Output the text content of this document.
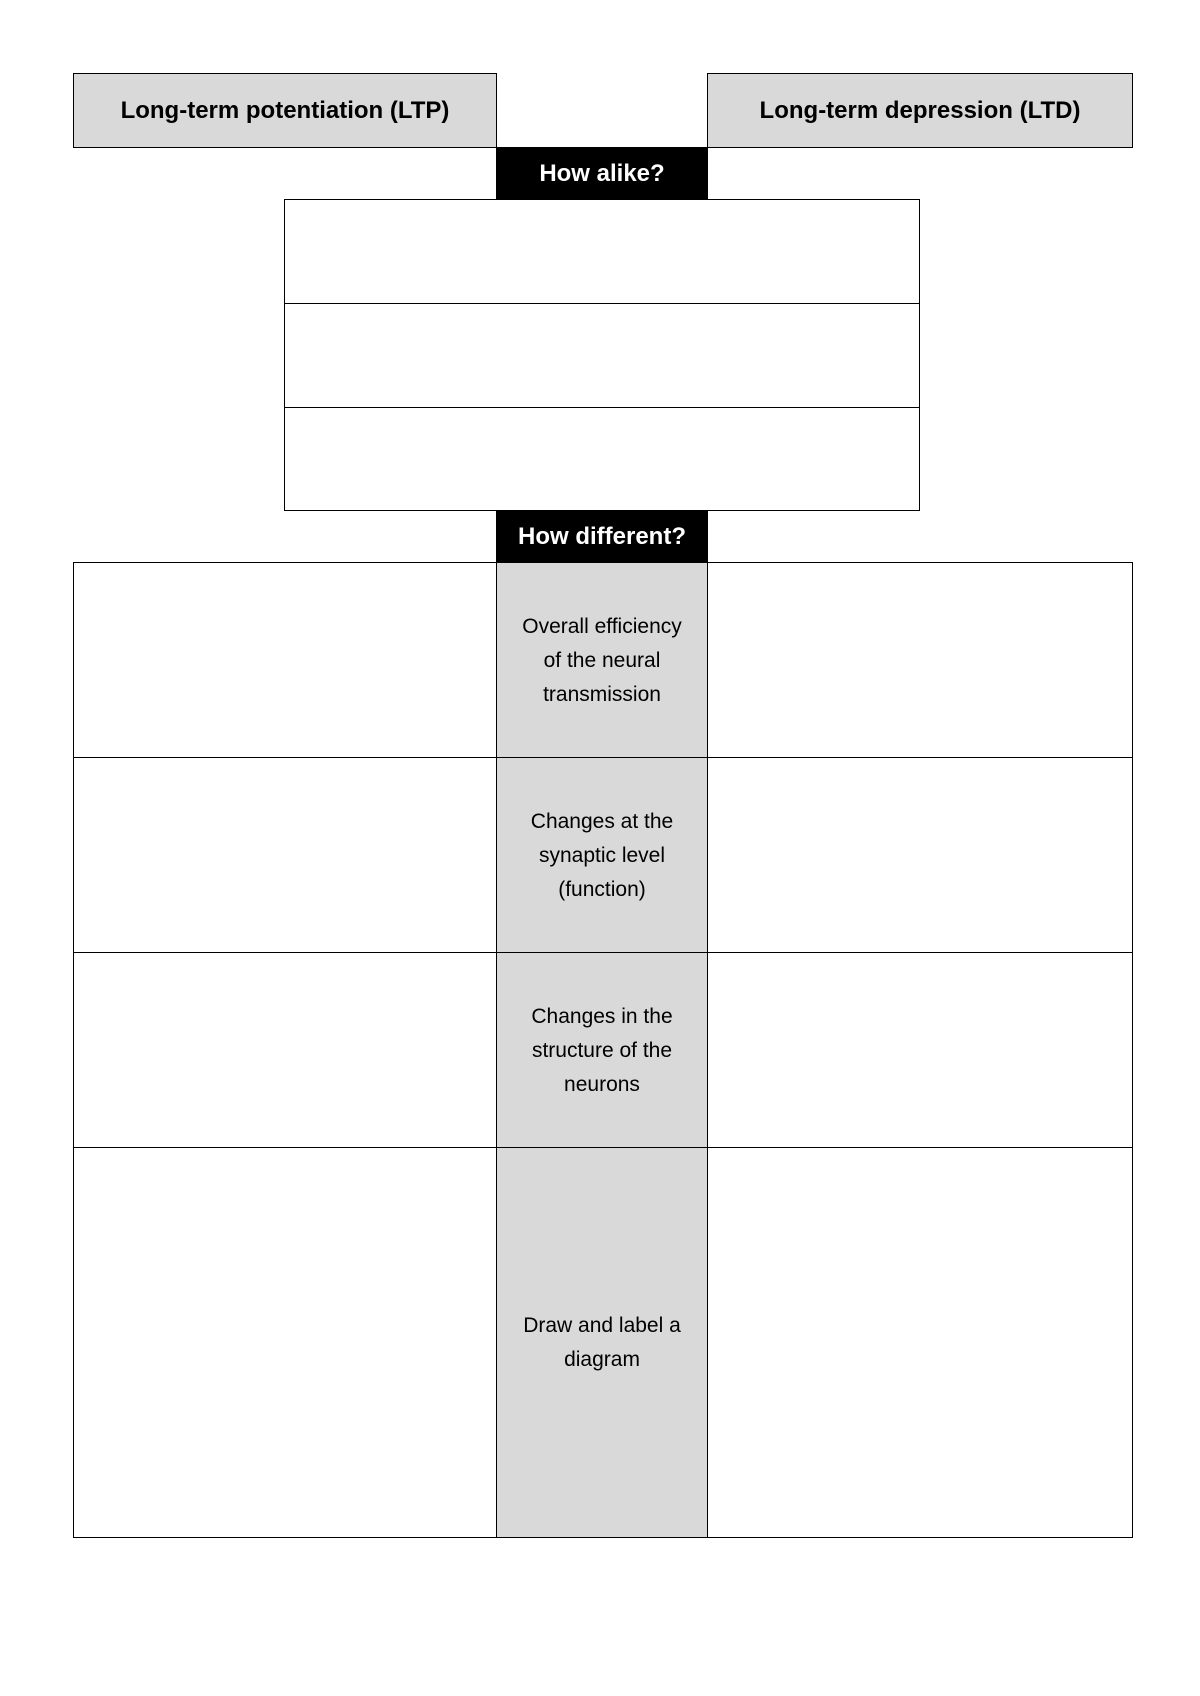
Long-term potentiation (LTP)	Long-term depression (LTD)
How alike?
How different?
Overall efficiency of the neural transmission
Changes at the synaptic level (function)
Changes in the structure of the neurons
Draw and label a diagram
